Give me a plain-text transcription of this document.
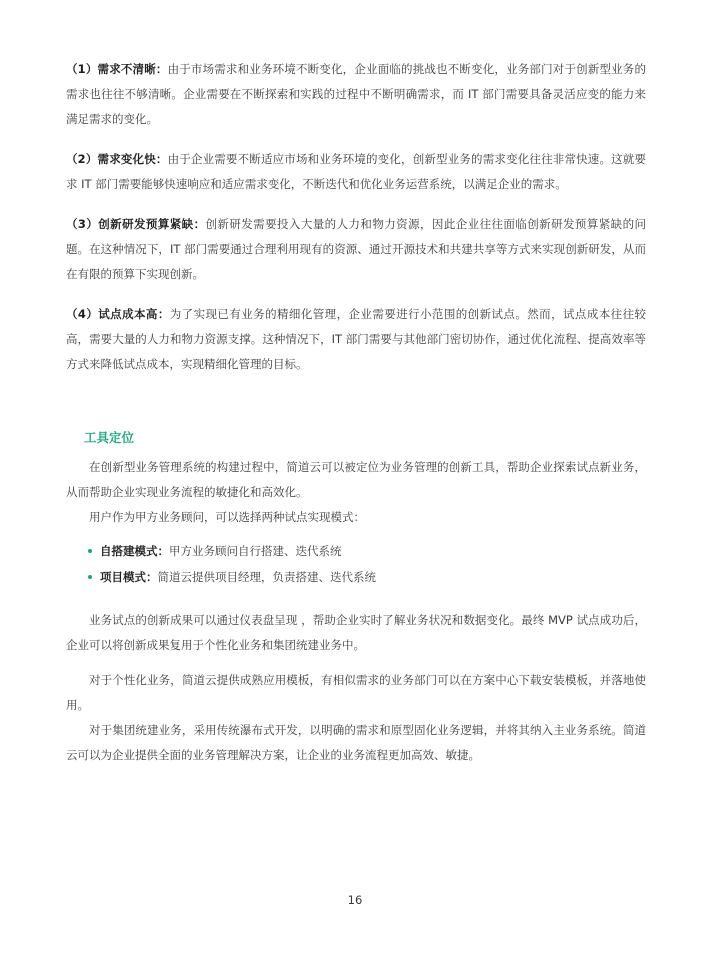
（1）需求不清晰：由于市场需求和业务环境不断变化，企业面临的挑战也不断变化，业务部门对于创新型业务的需求也往往不够清晰。企业需要在不断探索和实践的过程中不断明确需求，而 IT 部门需要具备灵活应变的能力来满足需求的变化。

（2）需求变化快：由于企业需要不断适应市场和业务环境的变化，创新型业务的需求变化往往非常快速。这就要求 IT 部门需要能够快速响应和适应需求变化，不断迭代和优化业务运营系统，以满足企业的需求。

（3）创新研发预算紧缺：创新研发需要投入大量的人力和物力资源，因此企业往往面临创新研发预算紧缺的问题。在这种情况下，IT 部门需要通过合理利用现有的资源、通过开源技术和共建共享等方式来实现创新研发，从而在有限的预算下实现创新。

（4）试点成本高：为了实现已有业务的精细化管理，企业需要进行小范围的创新试点。然而，试点成本往往较高，需要大量的人力和物力资源支撑。这种情况下，IT 部门需要与其他部门密切协作，通过优化流程、提高效率等方式来降低试点成本，实现精细化管理的目标。

工具定位

在创新型业务管理系统的构建过程中，简道云可以被定位为业务管理的创新工具，帮助企业探索试点新业务，从而帮助企业实现业务流程的敏捷化和高效化。

用户作为甲方业务顾问，可以选择两种试点实现模式：

自搭建模式：甲方业务顾问自行搭建、迭代系统
项目模式：简道云提供项目经理，负责搭建、迭代系统

业务试点的创新成果可以通过仪表盘呈现 ，帮助企业实时了解业务状况和数据变化。最终 MVP 试点成功后，企业可以将创新成果复用于个性化业务和集团统建业务中。

对于个性化业务，简道云提供成熟应用模板，有相似需求的业务部门可以在方案中心下载安装模板，并落地使用。

对于集团统建业务，采用传统瀑布式开发，以明确的需求和原型固化业务逻辑，并将其纳入主业务系统。简道云可以为企业提供全面的业务管理解决方案，让企业的业务流程更加高效、敏捷。

16
